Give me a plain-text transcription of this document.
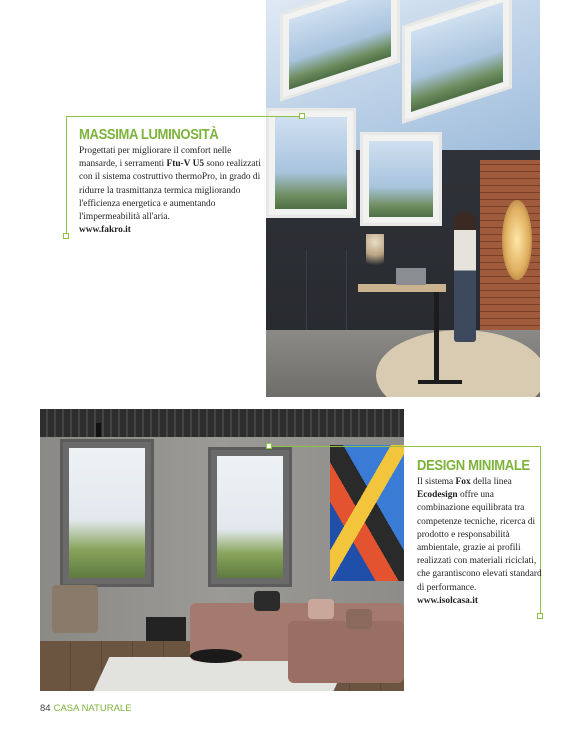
MASSIMA LUMINOSITÀ

Progettati per migliorare il comfort nelle mansarde, i serramenti Ftu-V U5 sono realizzati con il sistema costruttivo thermoPro, in grado di ridurre la trasmittanza termica migliorando l'efficienza energetica e aumentando l'impermeabilità all'aria.

www.fakro.it

DESIGN MINIMALE

Il sistema Fox della linea Ecodesign offre una combinazione equilibrata tra competenze tecniche, ricerca di prodotto e responsabilità ambientale, grazie ai profili realizzati con materiali riciclati, che garantiscono elevati standard di performance.

www.isolcasa.it

84 CASA NATURALE
